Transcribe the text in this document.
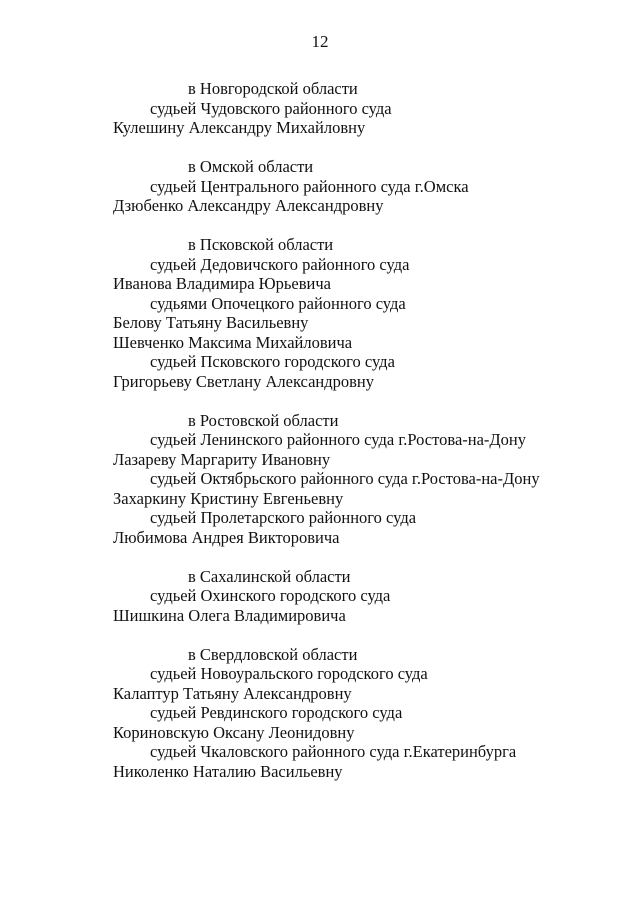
12
в Новгородской области
судьей Чудовского районного суда
Кулешину Александру Михайловну
в Омской области
судьей Центрального районного суда г.Омска
Дзюбенко Александру Александровну
в Псковской области
судьей Дедовичского районного суда
Иванова Владимира Юрьевича
судьями Опочецкого районного суда
Белову Татьяну Васильевну
Шевченко Максима Михайловича
судьей Псковского городского суда
Григорьеву Светлану Александровну
в Ростовской области
судьей Ленинского районного суда г.Ростова-на-Дону
Лазареву Маргариту Ивановну
судьей Октябрьского районного суда г.Ростова-на-Дону
Захаркину Кристину Евгеньевну
судьей Пролетарского районного суда
Любимова Андрея Викторовича
в Сахалинской области
судьей Охинского городского суда
Шишкина Олега Владимировича
в Свердловской области
судьей Новоуральского городского суда
Калаптур Татьяну Александровну
судьей Ревдинского городского суда
Кориновскую Оксану Леонидовну
судьей Чкаловского районного суда г.Екатеринбурга
Николенко Наталию Васильевну
